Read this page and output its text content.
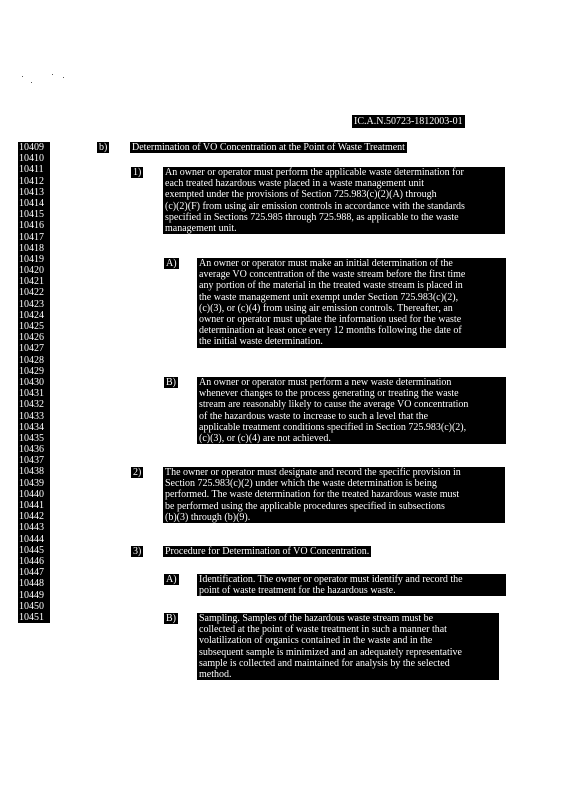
IC.A.N.50723-1812003-01
10409
10410
10411
10412
10413
10414
10415
10416
10417
10418
10419
10420
10421
10422
10423
10424
10425
10426
10427
10428
10429
10430
10431
10432
10433
10434
10435
10436
10437
10438
10439
10440
10441
10442
10443
10444
10445
10446
10447
10448
10449
10450
10451
b) Determination of VO Concentration at the Point of Waste Treatment
1) An owner or operator must perform the applicable waste determination for
each treated hazardous waste placed in a waste management unit
exempted under the provisions of Section 725.983(c)(2)(A) through
(c)(2)(F) from using air emission controls in accordance with the standards
specified in Sections 725.985 through 725.988, as applicable to the waste
management unit.
A) An owner or operator must make an initial determination of the
average VO concentration of the waste stream before the first time
any portion of the material in the treated waste stream is placed in
the waste management unit exempt under Section 725.983(c)(2),
(c)(3), or (c)(4) from using air emission controls. Thereafter, an
owner or operator must update the information used for the waste
determination at least once every 12 months following the date of
the initial waste determination.
B) An owner or operator must perform a new waste determination
whenever changes to the process generating or treating the waste
stream are reasonably likely to cause the average VO concentration
of the hazardous waste to increase to such a level that the
applicable treatment conditions specified in Section 725.983(c)(2),
(c)(3), or (c)(4) are not achieved.
2) The owner or operator must designate and record the specific provision in
Section 725.983(c)(2) under which the waste determination is being
performed. The waste determination for the treated hazardous waste must
be performed using the applicable procedures specified in subsections
(b)(3) through (b)(9).
3) Procedure for Determination of VO Concentration.
A) Identification. The owner or operator must identify and record the
point of waste treatment for the hazardous waste.
B) Sampling. Samples of the hazardous waste stream must be
collected at the point of waste treatment in such a manner that
volatilization of organics contained in the waste and in the
subsequent sample is minimized and an adequately representative
sample is collected and maintained for analysis by the selected
method.
